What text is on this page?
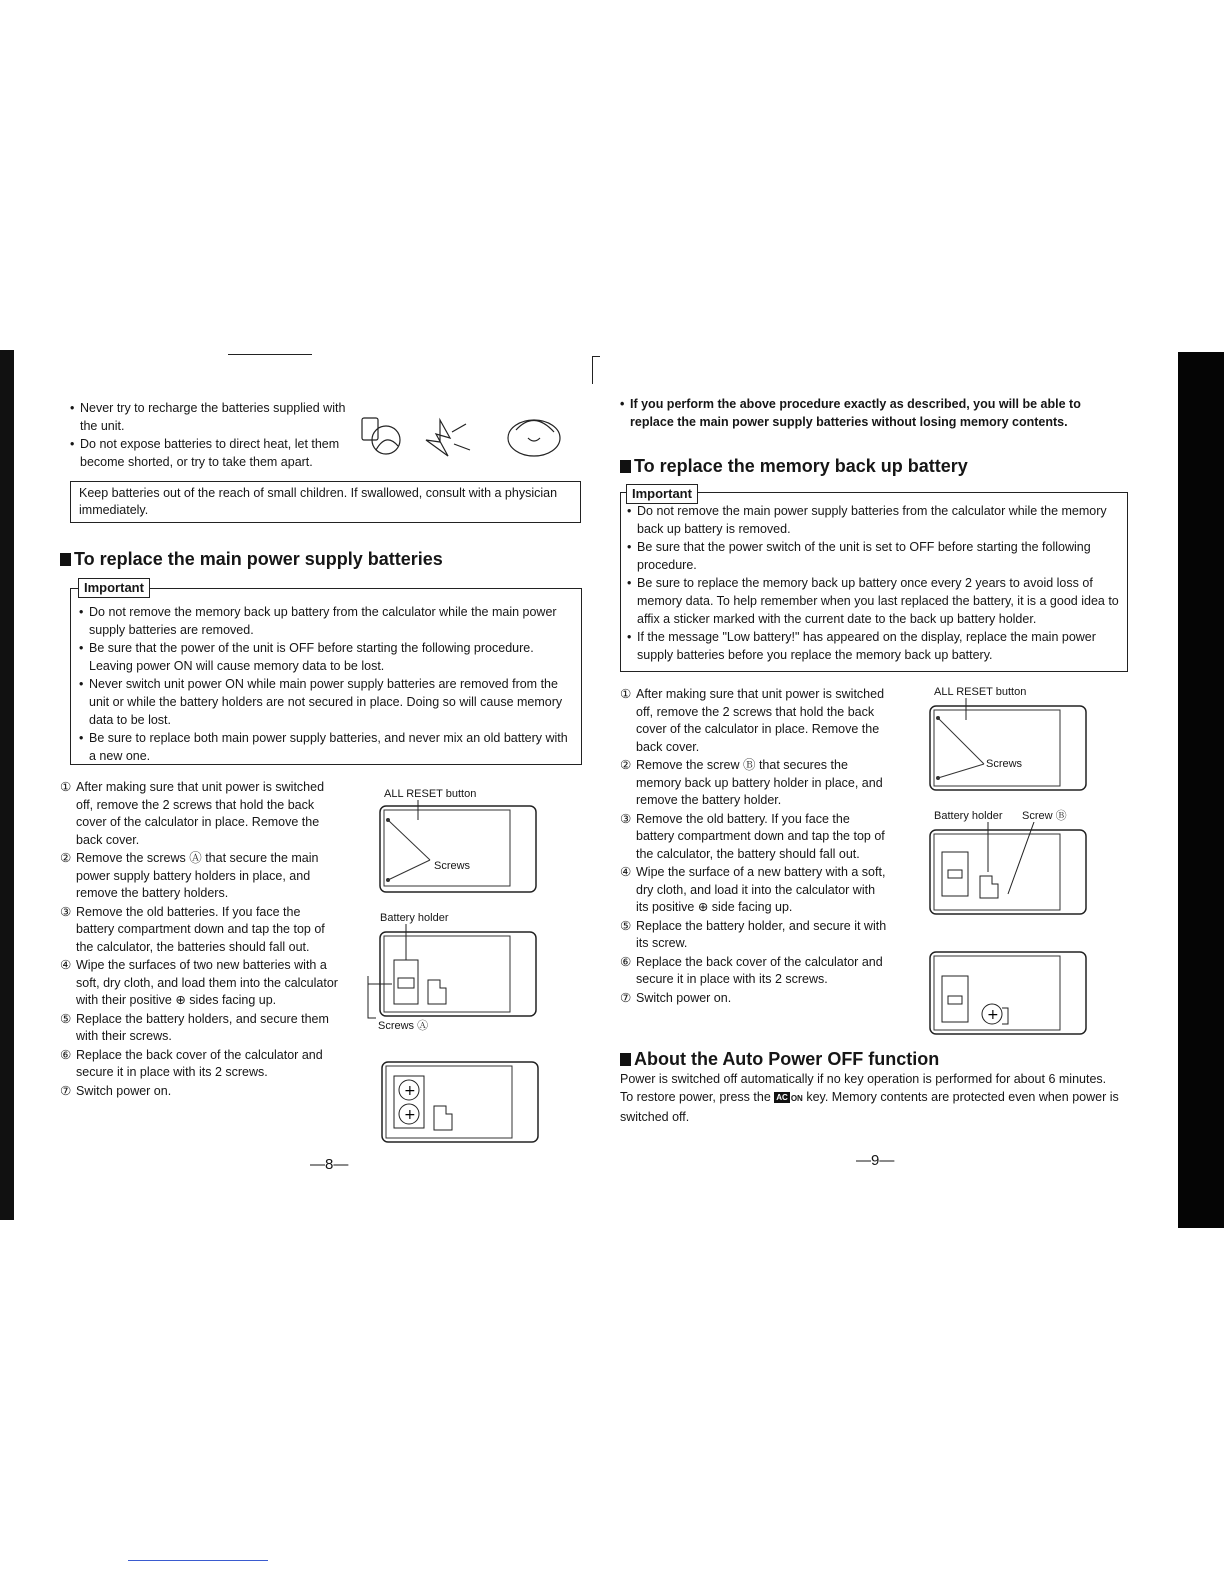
• Never try to recharge the batteries supplied with the unit.
• Do not expose batteries to direct heat, let them become shorted, or try to take them apart.
Keep batteries out of the reach of small children. If swallowed, consult with a physician immediately.
To replace the main power supply batteries
• Do not remove the memory back up battery from the calculator while the main power supply batteries are removed.
• Be sure that the power of the unit is OFF before starting the following procedure. Leaving power ON will cause memory data to be lost.
• Never switch unit power ON while main power supply batteries are removed from the unit or while the battery holders are not secured in place. Doing so will cause memory data to be lost.
• Be sure to replace both main power supply batteries, and never mix an old battery with a new one.
Important
① After making sure that unit power is switched off, remove the 2 screws that hold the back cover of the calculator in place. Remove the back cover.
② Remove the screws Ⓐ that secure the main power supply battery holders in place, and remove the battery holders.
③ Remove the old batteries. If you face the battery compartment down and tap the top of the calculator, the batteries should fall out.
④ Wipe the surfaces of two new batteries with a soft, dry cloth, and load them into the calculator with their positive ⊕ sides facing up.
⑤ Replace the battery holders, and secure them with their screws.
⑥ Replace the back cover of the calculator and secure it in place with its 2 screws.
⑦ Switch power on.
ALL RESET button
Screws
Battery holder
Screws Ⓐ
+
+
—8—
• If you perform the above procedure exactly as described, you will be able to replace the main power supply batteries without losing memory contents.
To replace the memory back up battery
• Do not remove the main power supply batteries from the calculator while the memory back up battery is removed.
• Be sure that the power switch of the unit is set to OFF before starting the following procedure.
• Be sure to replace the memory back up battery once every 2 years to avoid loss of memory data. To help remember when you last replaced the battery, it is a good idea to affix a sticker marked with the current date to the back up battery holder.
• If the message "Low battery!" has appeared on the display, replace the main power supply batteries before you replace the memory back up battery.
Important
① After making sure that unit power is switched off, remove the 2 screws that hold the back cover of the calculator in place. Remove the back cover.
② Remove the screw Ⓑ that secures the memory back up battery holder in place, and remove the battery holder.
③ Remove the old battery. If you face the battery compartment down and tap the top of the calculator, the battery should fall out.
④ Wipe the surface of a new battery with a soft, dry cloth, and load it into the calculator with its positive ⊕ side facing up.
⑤ Replace the battery holder, and secure it with its screw.
⑥ Replace the back cover of the calculator and secure it in place with its 2 screws.
⑦ Switch power on.
ALL RESET button
Screws
Battery holder Screw Ⓑ
+
About the Auto Power OFF function
Power is switched off automatically if no key operation is performed for about 6 minutes.
To restore power, press the AC ON key. Memory contents are protected even when power is switched off.
—9—
